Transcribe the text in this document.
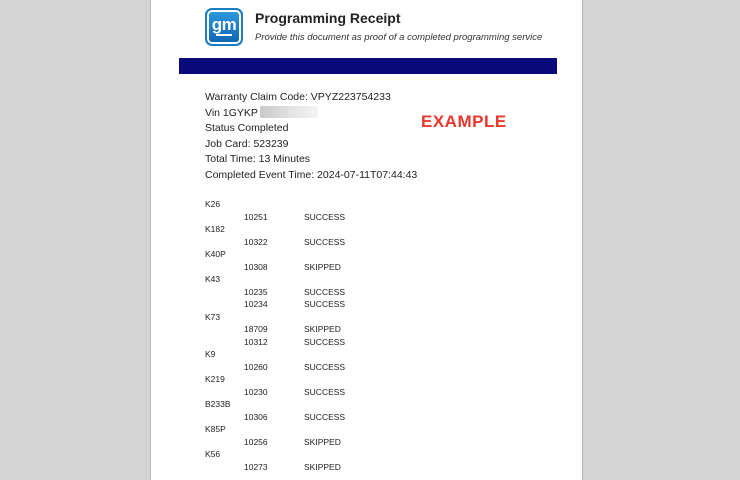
gm	Programming Receipt
Provide this document as proof of a completed programming service
Warranty Claim Code: VPYZ223754233
Vin 1GYKP
Status Completed
Job Card: 523239
Total Time: 13 Minutes
Completed Event Time: 2024-07-11T07:44:43
EXAMPLE
K26
10251	SUCCESS
K182
10322	SUCCESS
K40P
10308	SKIPPED
K43
10235	SUCCESS
10234	SUCCESS
K73
18709	SKIPPED
10312	SUCCESS
K9
10260	SUCCESS
K219
10230	SUCCESS
B233B
10306	SUCCESS
K85P
10256	SKIPPED
K56
10273	SKIPPED
